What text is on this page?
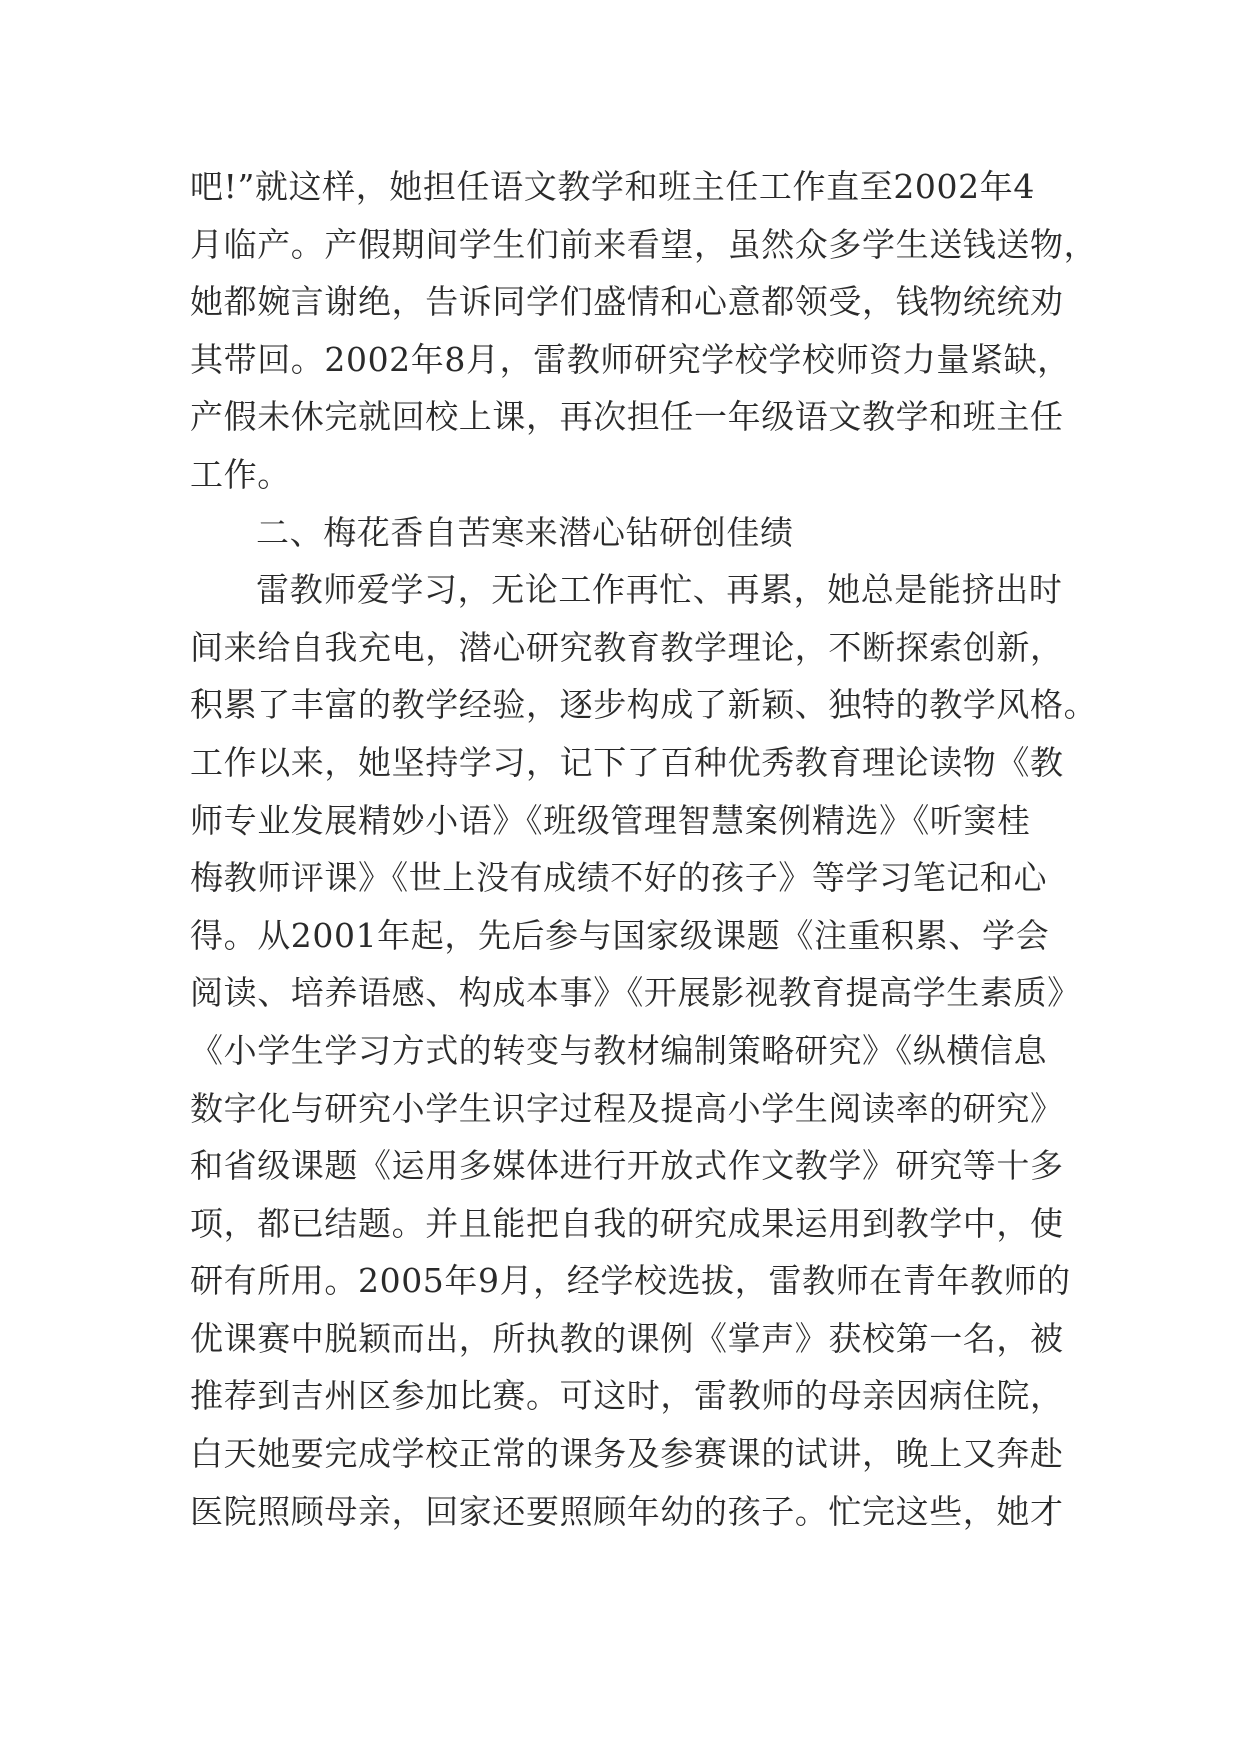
吧!”就这样，她担任语文教学和班主任工作直至2002年4
月临产。产假期间学生们前来看望，虽然众多学生送钱送物，
她都婉言谢绝，告诉同学们盛情和心意都领受，钱物统统劝
其带回。2002年8月，雷教师研究学校学校师资力量紧缺，
产假未休完就回校上课，再次担任一年级语文教学和班主任
工作。
二、梅花香自苦寒来潜心钻研创佳绩
雷教师爱学习，无论工作再忙、再累，她总是能挤出时
间来给自我充电，潜心研究教育教学理论，不断探索创新，
积累了丰富的教学经验，逐步构成了新颖、独特的教学风格。
工作以来，她坚持学习，记下了百种优秀教育理论读物《教
师专业发展精妙小语》《班级管理智慧案例精选》《听窦桂
梅教师评课》《世上没有成绩不好的孩子》等学习笔记和心
得。从2001年起，先后参与国家级课题《注重积累、学会
阅读、培养语感、构成本事》《开展影视教育提高学生素质》
《小学生学习方式的转变与教材编制策略研究》《纵横信息
数字化与研究小学生识字过程及提高小学生阅读率的研究》
和省级课题《运用多媒体进行开放式作文教学》研究等十多
项，都已结题。并且能把自我的研究成果运用到教学中，使
研有所用。2005年9月，经学校选拔，雷教师在青年教师的
优课赛中脱颖而出，所执教的课例《掌声》获校第一名，被
推荐到吉州区参加比赛。可这时，雷教师的母亲因病住院，
白天她要完成学校正常的课务及参赛课的试讲，晚上又奔赴
医院照顾母亲，回家还要照顾年幼的孩子。忙完这些，她才
